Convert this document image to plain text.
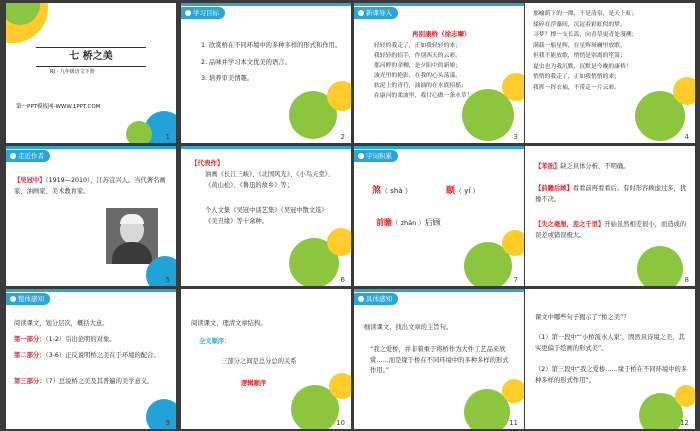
七 桥之美
RJ · 九年级语文下册
第一PPT模板网-WWW.1PPT.COM
1
学习目标
1. 欣赏桥在不同环境中的多种多样的形式和作用。
2. 品味并学习本文优美的语言。
3. 培养审美情趣。
2
新课导入
再别康桥（徐志摩）
轻轻的我走了，正如我轻轻的来；
我轻轻的招手，作别西天的云彩。
那河畔的金柳，是夕阳中的新娘；
波光里的艳影，在我的心头荡漾。
软泥上的青荇，油油的在水底招摇；
在康河的柔波里，我甘心做一条水草！
3
那榆荫下的一潭，不是清泉，是天上虹；
揉碎在浮藻间，沉淀着彩虹似的梦。
寻梦？撑一支长篙，向青草更青处漫溯；
满载一船星辉，在星辉斑斓里放歌。
但我不能放歌，悄悄是别离的笙箫；
夏虫也为我沉默，沉默是今晚的康桥！
悄悄的我走了，正如我悄悄的来；
我挥一挥衣袖，不带走一片云彩。
4
走近作者
【吴冠中】（1919—2010），江苏宜兴人。当代著名画家、油画家、美术教育家。
5
【代表作】
油画《长江三峡》、《北国风光》、《小鸟天堂》、《黄山松》、《鲁迅的故乡》等；
个人文集《吴冠中谈艺集》《吴冠中散文选》《美丑缘》等十余种。
6
字词积累
煞（ shà ）	颐（ yí ）
前瞻（ zhān ）后顾
7
【苯拙】缺乏具体分析，不明确。
【前瞻后顾】看看前再看看后。有时形容顾虑过多，犹豫不决。
【失之毫厘，差之千里】开始虽然相差很小，而造成的误差或错误极大。
8
整体感知
阅读课文，划分层次，概括大意。
第一部分：（1-2）引出论明的对象。
第二部分：（3-6）正反说明桥之美在于环境的配合。
第三部分：（7）总说桥之美及其普遍的美学意义。
9
阅读课文，理清文章结构。
全文顺序：
三部分之间是总分总的关系
逻辑顺序
10
具体感知
细读课文，找出文章的主旨句。
“我之爱桥，并非着重于将桥作为大件工艺品来欣赏……而是缘于桥在不同环境中的多种多样的形式作用。”
11
课文中哪些句子揭示了“桥之美”？
（1）第一段中“‘小桥流水人家’，固然具诗境之美，其实更偏于绘画的形式美”。
（2）第三段中“我之爱桥……缘于桥在不同环境中的多种多样的形式作用”。
12
